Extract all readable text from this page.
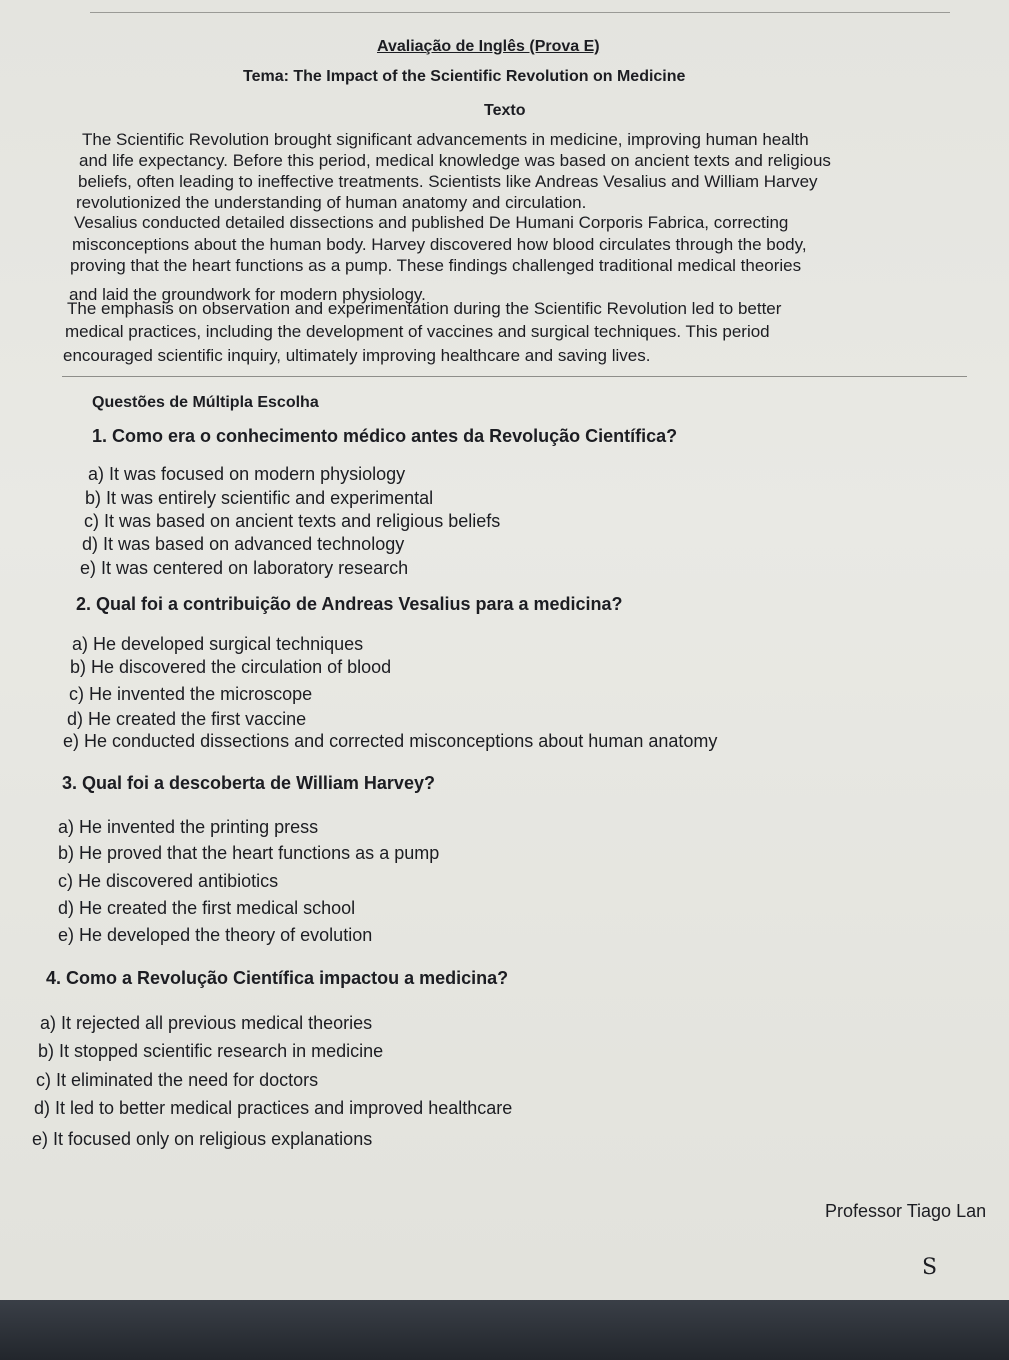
Avaliação de Inglês (Prova E)
Tema: The Impact of the Scientific Revolution on Medicine
Texto
The Scientific Revolution brought significant advancements in medicine, improving human health
and life expectancy. Before this period, medical knowledge was based on ancient texts and religious
beliefs, often leading to ineffective treatments. Scientists like Andreas Vesalius and William Harvey
revolutionized the understanding of human anatomy and circulation.
Vesalius conducted detailed dissections and published De Humani Corporis Fabrica, correcting
misconceptions about the human body. Harvey discovered how blood circulates through the body,
proving that the heart functions as a pump. These findings challenged traditional medical theories
and laid the groundwork for modern physiology.
The emphasis on observation and experimentation during the Scientific Revolution led to better
medical practices, including the development of vaccines and surgical techniques. This period
encouraged scientific inquiry, ultimately improving healthcare and saving lives.
Questões de Múltipla Escolha
1. Como era o conhecimento médico antes da Revolução Científica?
a) It was focused on modern physiology
b) It was entirely scientific and experimental
c) It was based on ancient texts and religious beliefs
d) It was based on advanced technology
e) It was centered on laboratory research
2. Qual foi a contribuição de Andreas Vesalius para a medicina?
a) He developed surgical techniques
b) He discovered the circulation of blood
c) He invented the microscope
d) He created the first vaccine
e) He conducted dissections and corrected misconceptions about human anatomy
3. Qual foi a descoberta de William Harvey?
a) He invented the printing press
b) He proved that the heart functions as a pump
c) He discovered antibiotics
d) He created the first medical school
e) He developed the theory of evolution
4. Como a Revolução Científica impactou a medicina?
a) It rejected all previous medical theories
b) It stopped scientific research in medicine
c) It eliminated the need for doctors
d) It led to better medical practices and improved healthcare
e) It focused only on religious explanations
Professor Tiago Lan
S
